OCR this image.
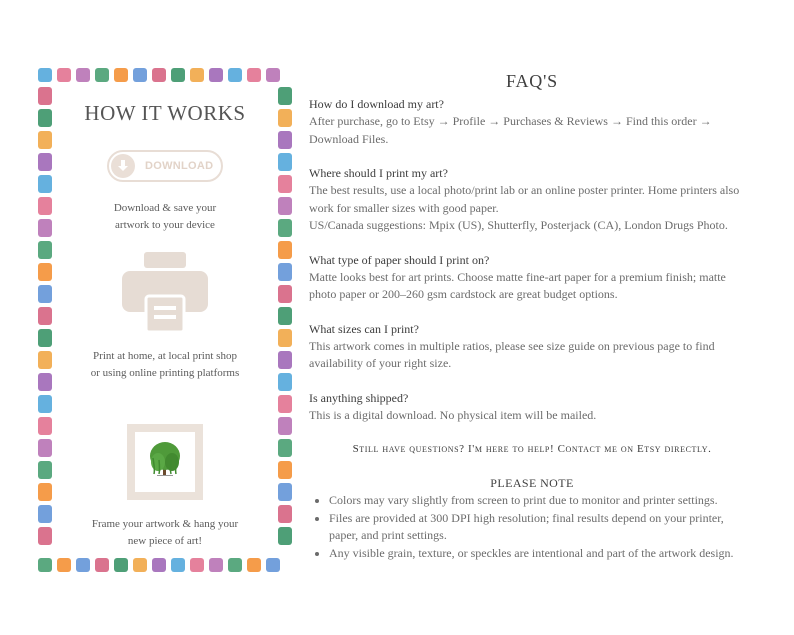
HOW IT WORKS
DOWNLOAD
Download & save your
artwork to your device
Print at home, at local print shop
or using online printing platforms
Frame your artwork & hang your
new piece of art!
FAQ'S
How do I download my art?
After purchase, go to Etsy → Profile → Purchases & Reviews → Find this order → Download Files.
Where should I print my art?
The best results, use a local photo/print lab or an online poster printer. Home printers also work for smaller sizes with good paper.
US/Canada suggestions: Mpix (US), Shutterfly, Posterjack (CA), London Drugs Photo.
What type of paper should I print on?
Matte looks best for art prints. Choose matte fine-art paper for a premium finish; matte photo paper or 200–260 gsm cardstock are great budget options.
What sizes can I print?
This artwork comes in multiple ratios, please see size guide on previous page to find availability of your right size.
Is anything shipped?
This is a digital download. No physical item will be mailed.
Still have questions? I'm here to help! Contact me on Etsy directly.
PLEASE NOTE
• Colors may vary slightly from screen to print due to monitor and printer settings.
• Files are provided at 300 DPI high resolution; final results depend on your printer, paper, and print settings.
• Any visible grain, texture, or speckles are intentional and part of the artwork design.
